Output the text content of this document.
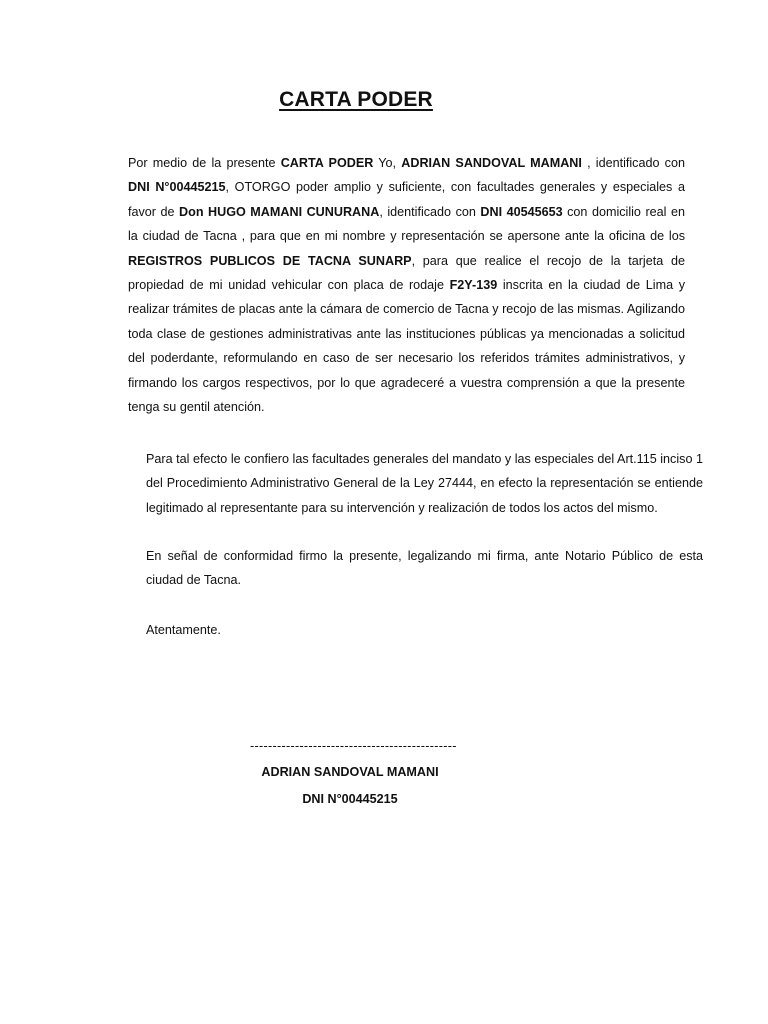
CARTA PODER

Por medio de la presente CARTA PODER Yo, ADRIAN SANDOVAL MAMANI , identificado con DNI N°00445215, OTORGO poder amplio y suficiente, con facultades generales y especiales a favor de Don HUGO MAMANI CUNURANA, identificado con DNI 40545653 con domicilio real en la ciudad de Tacna , para que en mi nombre y representación se apersone ante la oficina de los REGISTROS PUBLICOS DE TACNA SUNARP, para que realice el recojo de la tarjeta de propiedad de mi unidad vehicular con placa de rodaje F2Y-139 inscrita en la ciudad de Lima y realizar trámites de placas ante la cámara de comercio de Tacna y recojo de las mismas. Agilizando toda clase de gestiones administrativas ante las instituciones públicas ya mencionadas a solicitud del poderdante, reformulando en caso de ser necesario los referidos trámites administrativos, y firmando los cargos respectivos, por lo que agradeceré a vuestra comprensión a que la presente tenga su gentil atención.

Para tal efecto le confiero las facultades generales del mandato y las especiales del Art.115 inciso 1 del Procedimiento Administrativo General de la Ley 27444, en efecto la representación se entiende legitimado al representante para su intervención y realización de todos los actos del mismo.

En señal de conformidad firmo la presente, legalizando mi firma, ante Notario Público de esta ciudad de Tacna.

Atentamente.
----------------------------------------------
ADRIAN SANDOVAL MAMANI
DNI N°00445215
